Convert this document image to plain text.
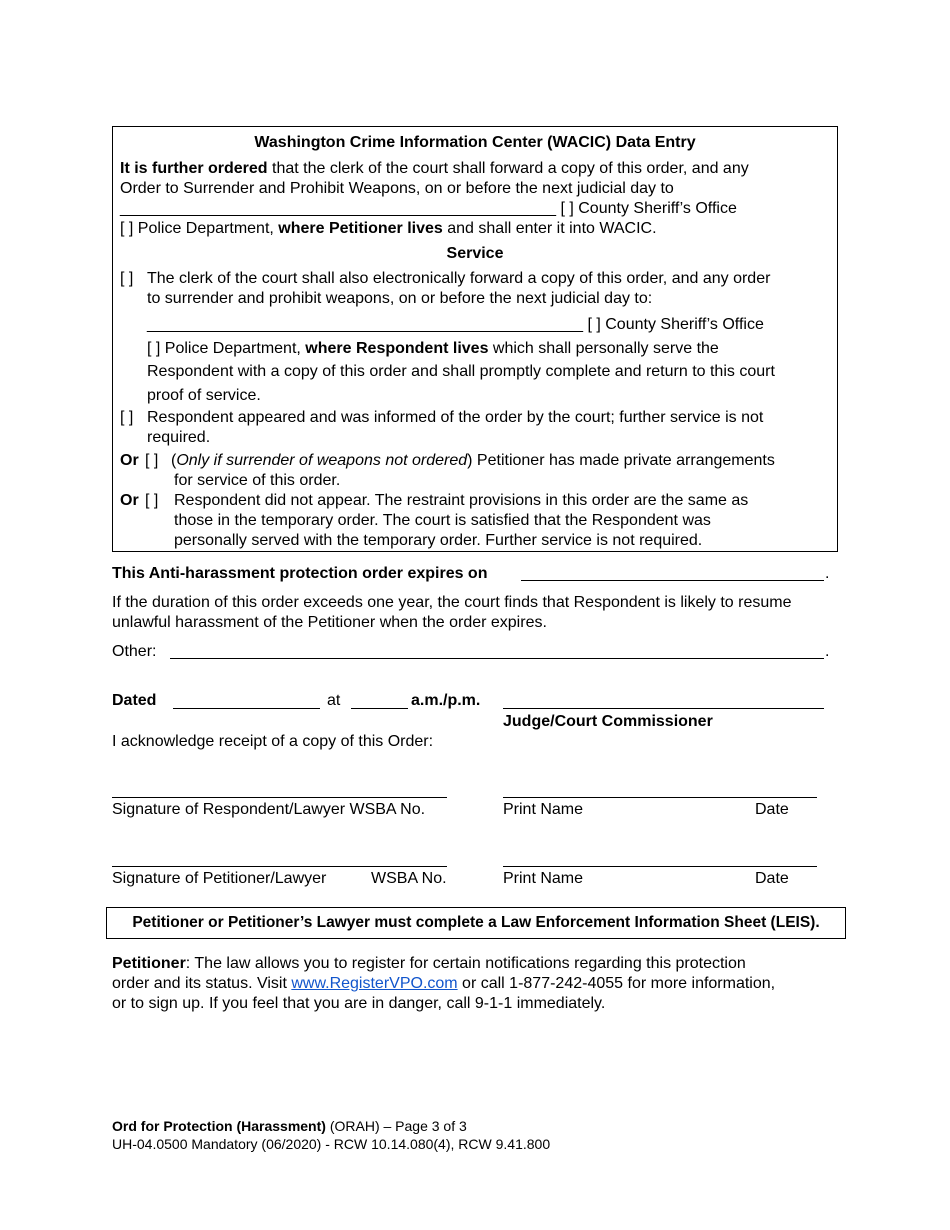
Washington Crime Information Center (WACIC) Data Entry
It is further ordered that the clerk of the court shall forward a copy of this order, and any
Order to Surrender and Prohibit Weapons, on or before the next judicial day to
_________________________________________________ [ ] County Sheriff’s Office
[ ] Police Department, where Petitioner lives and shall enter it into WACIC.
Service
[ ] The clerk of the court shall also electronically forward a copy of this order, and any order
to surrender and prohibit weapons, on or before the next judicial day to:
_________________________________________________ [ ] County Sheriff’s Office
[ ] Police Department, where Respondent lives which shall personally serve the
Respondent with a copy of this order and shall promptly complete and return to this court
proof of service.
[ ] Respondent appeared and was informed of the order by the court; further service is not
required.
Or [ ] (Only if surrender of weapons not ordered) Petitioner has made private arrangements
for service of this order.
Or [ ] Respondent did not appear. The restraint provisions in this order are the same as
those in the temporary order. The court is satisfied that the Respondent was
personally served with the temporary order. Further service is not required.
This Anti-harassment protection order expires on	.
If the duration of this order exceeds one year, the court finds that Respondent is likely to resume
unlawful harassment of the Petitioner when the order expires.
Other:	.
Dated	at	a.m./p.m.
Judge/Court Commissioner
I acknowledge receipt of a copy of this Order:
Signature of Respondent/Lawyer WSBA No.	Print Name	Date
Signature of Petitioner/Lawyer	WSBA No.	Print Name	Date
Petitioner or Petitioner’s Lawyer must complete a Law Enforcement Information Sheet (LEIS).
Petitioner: The law allows you to register for certain notifications regarding this protection
order and its status. Visit www.RegisterVPO.com or call 1-877-242-4055 for more information,
or to sign up. If you feel that you are in danger, call 9-1-1 immediately.
Ord for Protection (Harassment) (ORAH) – Page 3 of 3
UH-04.0500 Mandatory (06/2020) - RCW 10.14.080(4), RCW 9.41.800
